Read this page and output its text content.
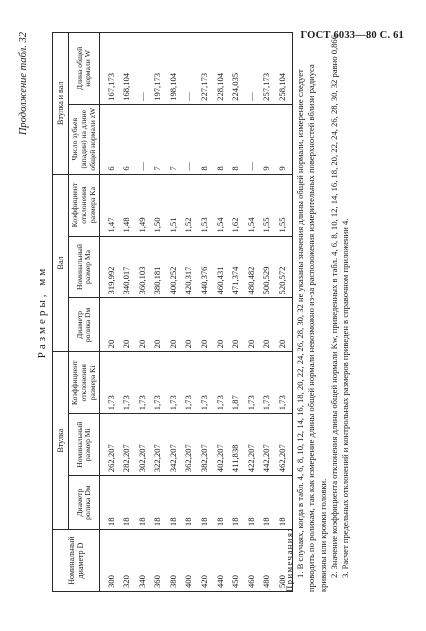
ГОСТ 6033—80 С. 61
Продолжение табл. 32
Размеры, мм
Номинальный диаметр D	Втулка			Вал			Втулка и вал	
	Диаметр ролика Dм	Номинальный размер Mi	Коэффициент отклонения размера Ki	Диаметр ролика Dм	Номинальный размер Ma	Коэффициент отклонения размера Ka	Число зубьев (впадин) на длине общей нормали zW	Длина общей нормали W
300	18	262,207	1,73	20	319,992	1,47	6	167,173
320	18	282,207	1,73	20	340,017	1,48	6	168,104
340	18	302,207	1,73	20	360,103	1,49	—	—
360	18	322,207	1,73	20	380,181	1,50	7	197,173
380	18	342,207	1,73	20	400,252	1,51	7	198,104
400	18	362,207	1,73	20	420,317	1,52	—	—
420	18	382,207	1,73	20	440,376	1,53	8	227,173
440	18	402,207	1,73	20	460,431	1,54	8	228,104
450	18	411,838	1,87	20	471,374	1,62	8	224,035
460	18	422,207	1,73	20	480,482	1,54	—	—
480	18	442,207	1,73	20	500,529	1,55	9	257,173
500	18	462,207	1,73	20	520,572	1,55	9	258,104

Примечания: 1. В случаях, когда в табл. 4, 6, 8, 10, 12, 14, 16, 18, 20, 22, 24, 26, 28, 30, 32 не указаны значения длины общей нормали, измерение следует проводить по роликам, так как измерение длины общей нормали невозможно из-за расположения измерительных поверхностей вблизи радиуса кривизны или кромки головки. 2. Значение коэффициента отклонения длины общей нормали Kw, приведенных в табл. 4, 6, 8, 10, 12, 14, 16, 18, 20, 22, 24, 26, 28, 30, 32 равно 0,866. 3. Расчет предельных отклонений и контрольных размеров приведен в справочном приложении 4.
